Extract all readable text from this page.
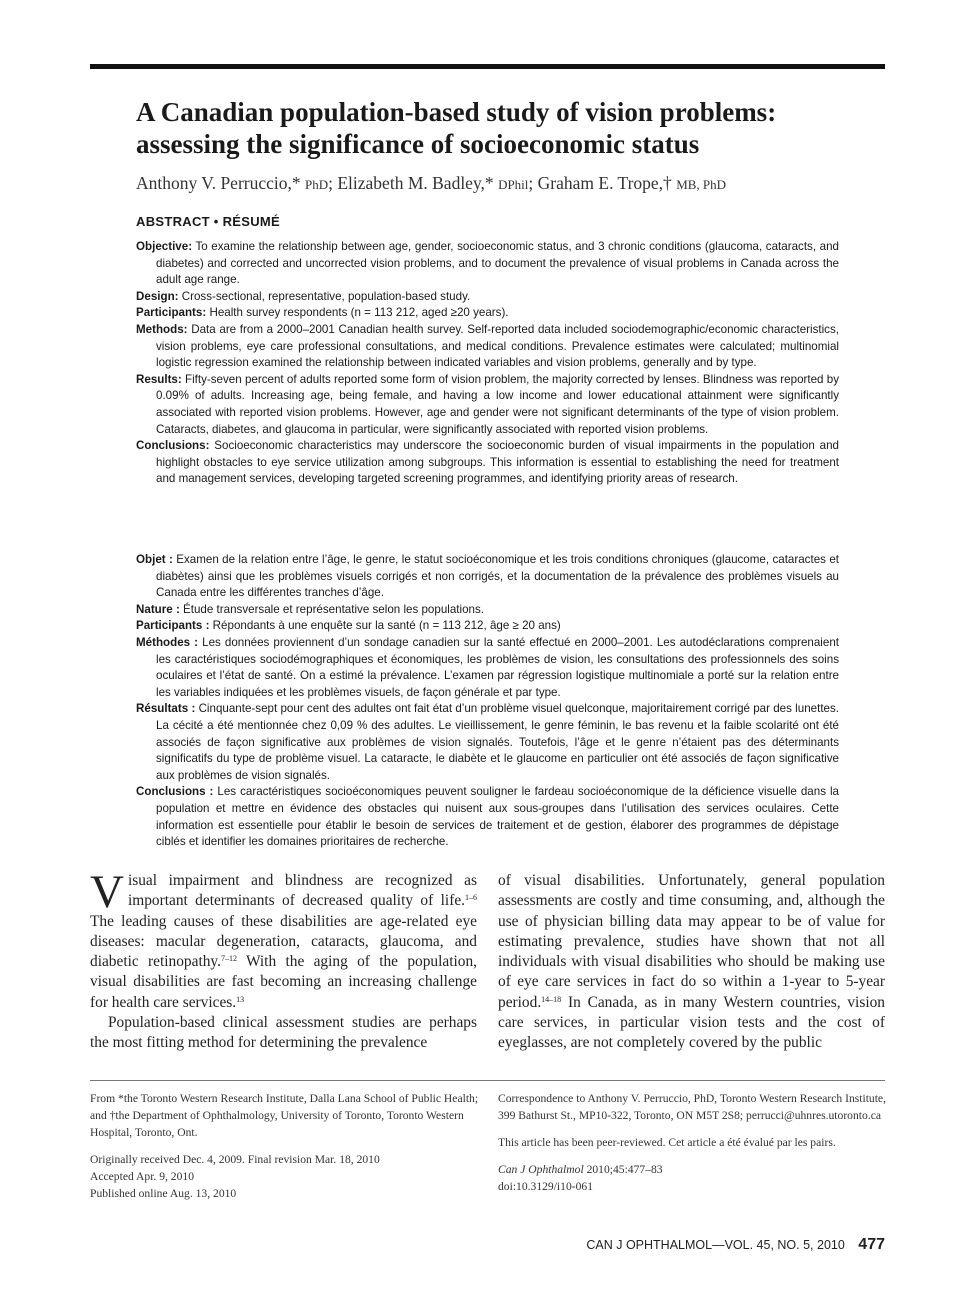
A Canadian population-based study of vision problems: assessing the significance of socioeconomic status
Anthony V. Perruccio,* PhD; Elizabeth M. Badley,* DPhil; Graham E. Trope,† MB, PhD
ABSTRACT • RÉSUMÉ

Objective: To examine the relationship between age, gender, socioeconomic status, and 3 chronic conditions (glaucoma, cataracts, and diabetes) and corrected and uncorrected vision problems, and to document the prevalence of visual problems in Canada across the adult age range.

Design: Cross-sectional, representative, population-based study.

Participants: Health survey respondents (n = 113 212, aged ≥20 years).

Methods: Data are from a 2000–2001 Canadian health survey. Self-reported data included sociodemographic/economic characteristics, vision problems, eye care professional consultations, and medical conditions. Prevalence estimates were calculated; multinomial logistic regression examined the relationship between indicated variables and vision problems, generally and by type.

Results: Fifty-seven percent of adults reported some form of vision problem, the majority corrected by lenses. Blindness was reported by 0.09% of adults. Increasing age, being female, and having a low income and lower educational attainment were significantly associated with reported vision problems. However, age and gender were not significant determinants of the type of vision problem. Cataracts, diabetes, and glaucoma in particular, were significantly associated with reported vision problems.

Conclusions: Socioeconomic characteristics may underscore the socioeconomic burden of visual impairments in the population and highlight obstacles to eye service utilization among subgroups. This information is essential to establishing the need for treatment and management services, developing targeted screening programmes, and identifying priority areas of research.

Objet : Examen de la relation entre l’âge, le genre, le statut socioéconomique et les trois conditions chroniques (glaucome, cataractes et diabètes) ainsi que les problèmes visuels corrigés et non corrigés, et la documentation de la prévalence des problèmes visuels au Canada entre les différentes tranches d’âge.

Nature : Étude transversale et représentative selon les populations.

Participants : Répondants à une enquête sur la santé (n = 113 212, âge ≥ 20 ans)

Méthodes : Les données proviennent d’un sondage canadien sur la santé effectué en 2000–2001. Les autodéclarations comprenaient les caractéristiques sociodémographiques et économiques, les problèmes de vision, les consultations des professionnels des soins oculaires et l’état de santé. On a estimé la prévalence. L’examen par régression logistique multinomiale a porté sur la relation entre les variables indiquées et les problèmes visuels, de façon générale et par type.

Résultats : Cinquante-sept pour cent des adultes ont fait état d’un problème visuel quelconque, majoritairement corrigé par des lunettes. La cécité a été mentionnée chez 0,09 % des adultes. Le vieillissement, le genre féminin, le bas revenu et la faible scolarité ont été associés de façon significative aux problèmes de vision signalés. Toutefois, l’âge et le genre n’étaient pas des déterminants significatifs du type de problème visuel. La cataracte, le diabète et le glaucome en particulier ont été associés de façon significative aux problèmes de vision signalés.

Conclusions : Les caractéristiques socioéconomiques peuvent souligner le fardeau socioéconomique de la déficience visuelle dans la population et mettre en évidence des obstacles qui nuisent aux sous-groupes dans l’utilisation des services oculaires. Cette information est essentielle pour établir le besoin de services de traitement et de gestion, élaborer des programmes de dépistage ciblés et identifier les domaines prioritaires de recherche.

Visual impairment and blindness are recognized as important determinants of decreased quality of life.$^{1-6}$ The leading causes of these disabilities are age-related eye diseases: macular degeneration, cataracts, glaucoma, and diabetic retinopathy.$^{7-12}$ With the aging of the population, visual disabilities are fast becoming an increasing challenge for health care services.$^{13}$

Population-based clinical assessment studies are perhaps the most fitting method for determining the prevalence

of visual disabilities. Unfortunately, general population assessments are costly and time consuming, and, although the use of physician billing data may appear to be of value for estimating prevalence, studies have shown that not all individuals with visual disabilities who should be making use of eye care services in fact do so within a 1-year to 5-year period.$^{14-18}$ In Canada, as in many Western countries, vision care services, in particular vision tests and the cost of eyeglasses, are not completely covered by the public

From *the Toronto Western Research Institute, Dalla Lana School of Public Health; and †the Department of Ophthalmology, University of Toronto, Toronto Western Hospital, Toronto, Ont.

Originally received Dec. 4, 2009. Final revision Mar. 18, 2010
Accepted Apr. 9, 2010
Published online Aug. 13, 2010

Correspondence to Anthony V. Perruccio, PhD, Toronto Western Research Institute, 399 Bathurst St., MP10-322, Toronto, ON M5T 2S8; perrucci@uhnres.utoronto.ca

This article has been peer-reviewed. Cet article a été évalué par les pairs.

Can J Ophthalmol 2010;45:477–83
doi:10.3129/i10-061

CAN J OPHTHALMOL—VOL. 45, NO. 5, 2010 477
